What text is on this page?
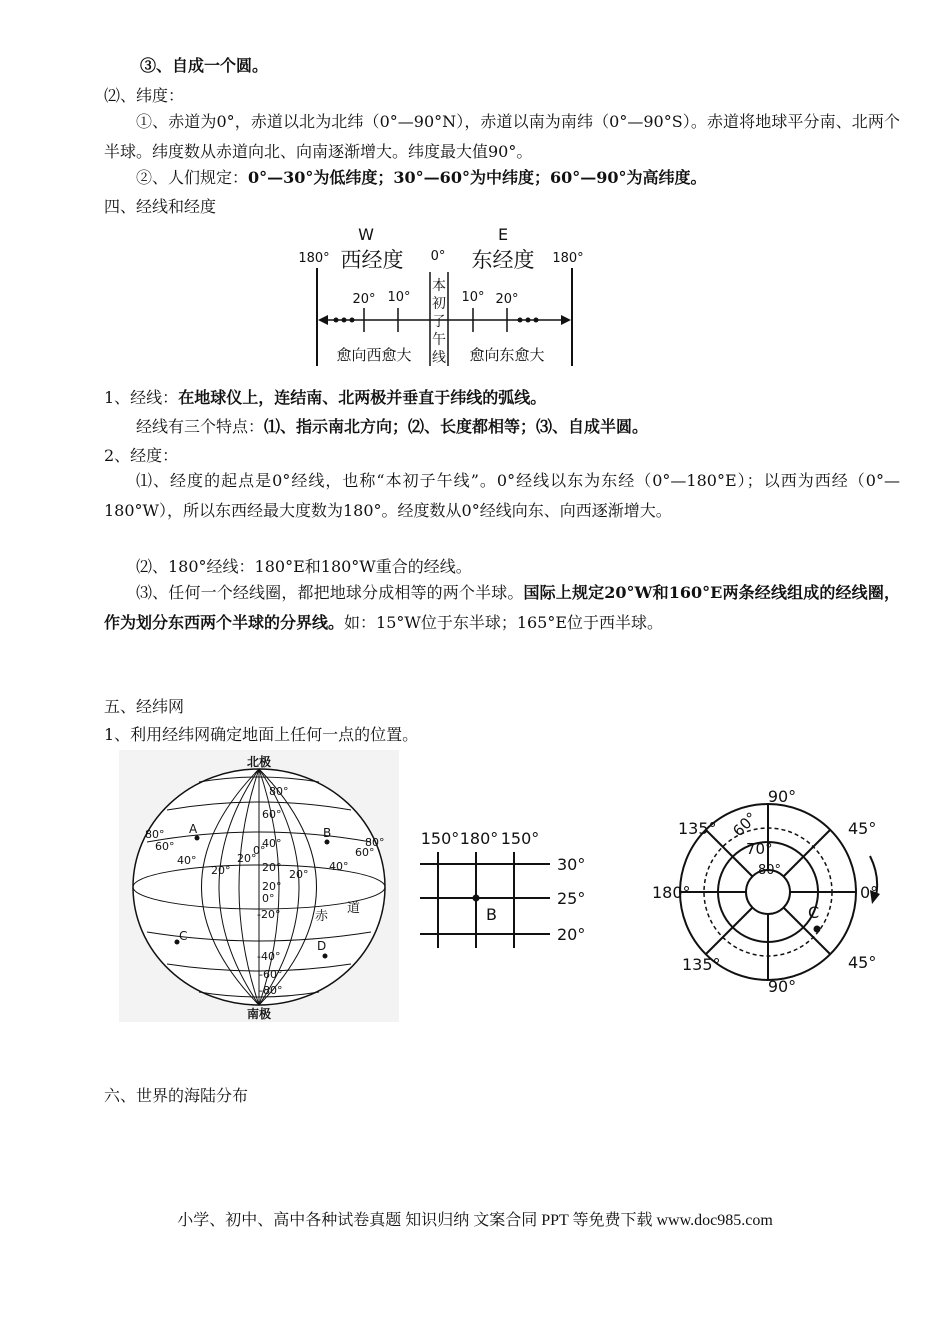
③、自成一个圆。
⑵、纬度：
①、赤道为0°，赤道以北为北纬（0°—90°N），赤道以南为南纬（0°—90°S）。赤道将地球平分南、北两个半球。纬度数从赤道向北、向南逐渐增大。纬度最大值90°。
②、人们规定：0°—30°为低纬度；30°—60°为中纬度；60°—90°为高纬度。
四、经线和经度
W	E
西经度	东经度
180°	180°
0°
本
初
子
午
线
20° 10°	10° 20°
愈向西愈大	愈向东愈大
1、经线：在地球仪上，连结南、北两极并垂直于纬线的弧线。
经线有三个特点：⑴、指示南北方向；⑵、长度都相等；⑶、自成半圆。
2、经度：
⑴、经度的起点是0°经线，也称“本初子午线”。0°经线以东为东经（0°—180°E）；以西为西经（0°—180°W），所以东西经最大度数为180°。经度数从0°经线向东、向西逐渐增大。
⑵、180°经线：180°E和180°W重合的经线。
⑶、任何一个经线圈，都把地球分成相等的两个半球。国际上规定20°W和160°E两条经线组成的经线圈，作为划分东西两个半球的分界线。如：15°W位于东半球；165°E位于西半球。
五、经纬网
1、利用经纬网确定地面上任何一点的位置。
北极
南极
80°
60°
40°
20°
0°
-20°
-40°
-60°
-80°
80°
60°
40°
20°
20°
0°
20°
40°
60°
80°
20°
A	B
C
D
赤
道
150° 180° 150°
B
30°
25°
20°
C
90°
90°
180°	0°
135°	45°
135°	45°
60°
70°
80°
六、世界的海陆分布
小学、初中、高中各种试卷真题 知识归纳 文案合同 PPT 等免费下载 www.doc985.com
